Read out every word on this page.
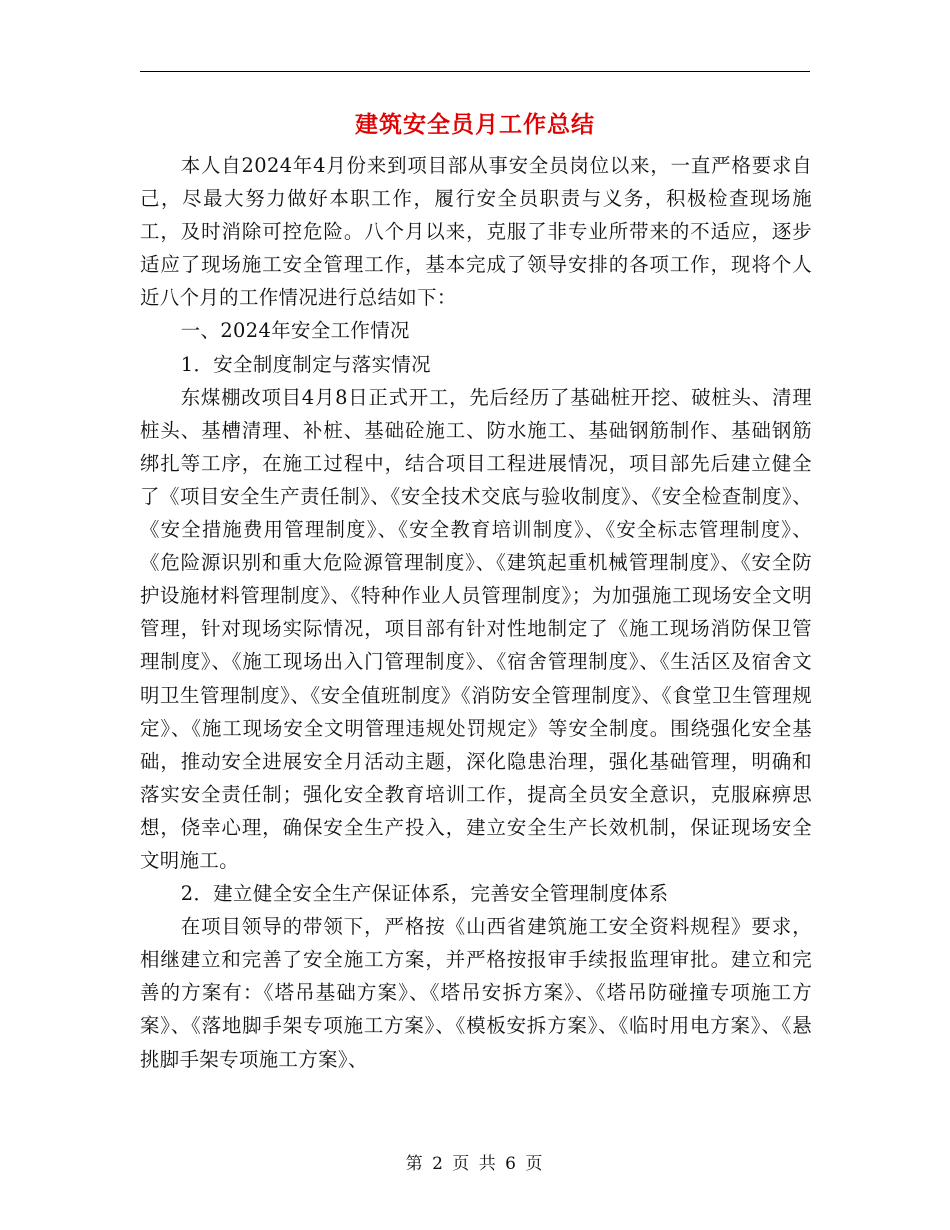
建筑安全员月工作总结

本人自2024年4月份来到项目部从事安全员岗位以来，一直严格要求自己，尽最大努力做好本职工作，履行安全员职责与义务，积极检查现场施工，及时消除可控危险。八个月以来，克服了非专业所带来的不适应，逐步适应了现场施工安全管理工作，基本完成了领导安排的各项工作，现将个人近八个月的工作情况进行总结如下：

一、2024年安全工作情况

1．安全制度制定与落实情况

东煤棚改项目4月8日正式开工，先后经历了基础桩开挖、破桩头、清理桩头、基槽清理、补桩、基础砼施工、防水施工、基础钢筋制作、基础钢筋绑扎等工序，在施工过程中，结合项目工程进展情况，项目部先后建立健全了《项目安全生产责任制》、《安全技术交底与验收制度》、《安全检查制度》、《安全措施费用管理制度》、《安全教育培训制度》、《安全标志管理制度》、《危险源识别和重大危险源管理制度》、《建筑起重机械管理制度》、《安全防护设施材料管理制度》、《特种作业人员管理制度》；为加强施工现场安全文明管理，针对现场实际情况，项目部有针对性地制定了《施工现场消防保卫管理制度》、《施工现场出入门管理制度》、《宿舍管理制度》、《生活区及宿舍文明卫生管理制度》、《安全值班制度》《消防安全管理制度》、《食堂卫生管理规定》、《施工现场安全文明管理违规处罚规定》等安全制度。围绕强化安全基础，推动安全进展安全月活动主题，深化隐患治理，强化基础管理，明确和落实安全责任制；强化安全教育培训工作，提高全员安全意识，克服麻痹思想，侥幸心理，确保安全生产投入，建立安全生产长效机制，保证现场安全文明施工。

2．建立健全安全生产保证体系，完善安全管理制度体系

在项目领导的带领下，严格按《山西省建筑施工安全资料规程》要求，相继建立和完善了安全施工方案，并严格按报审手续报监理审批。建立和完善的方案有：《塔吊基础方案》、《塔吊安拆方案》、《塔吊防碰撞专项施工方案》、《落地脚手架专项施工方案》、《模板安拆方案》、《临时用电方案》、《悬挑脚手架专项施工方案》、

第 2 页 共 6 页
